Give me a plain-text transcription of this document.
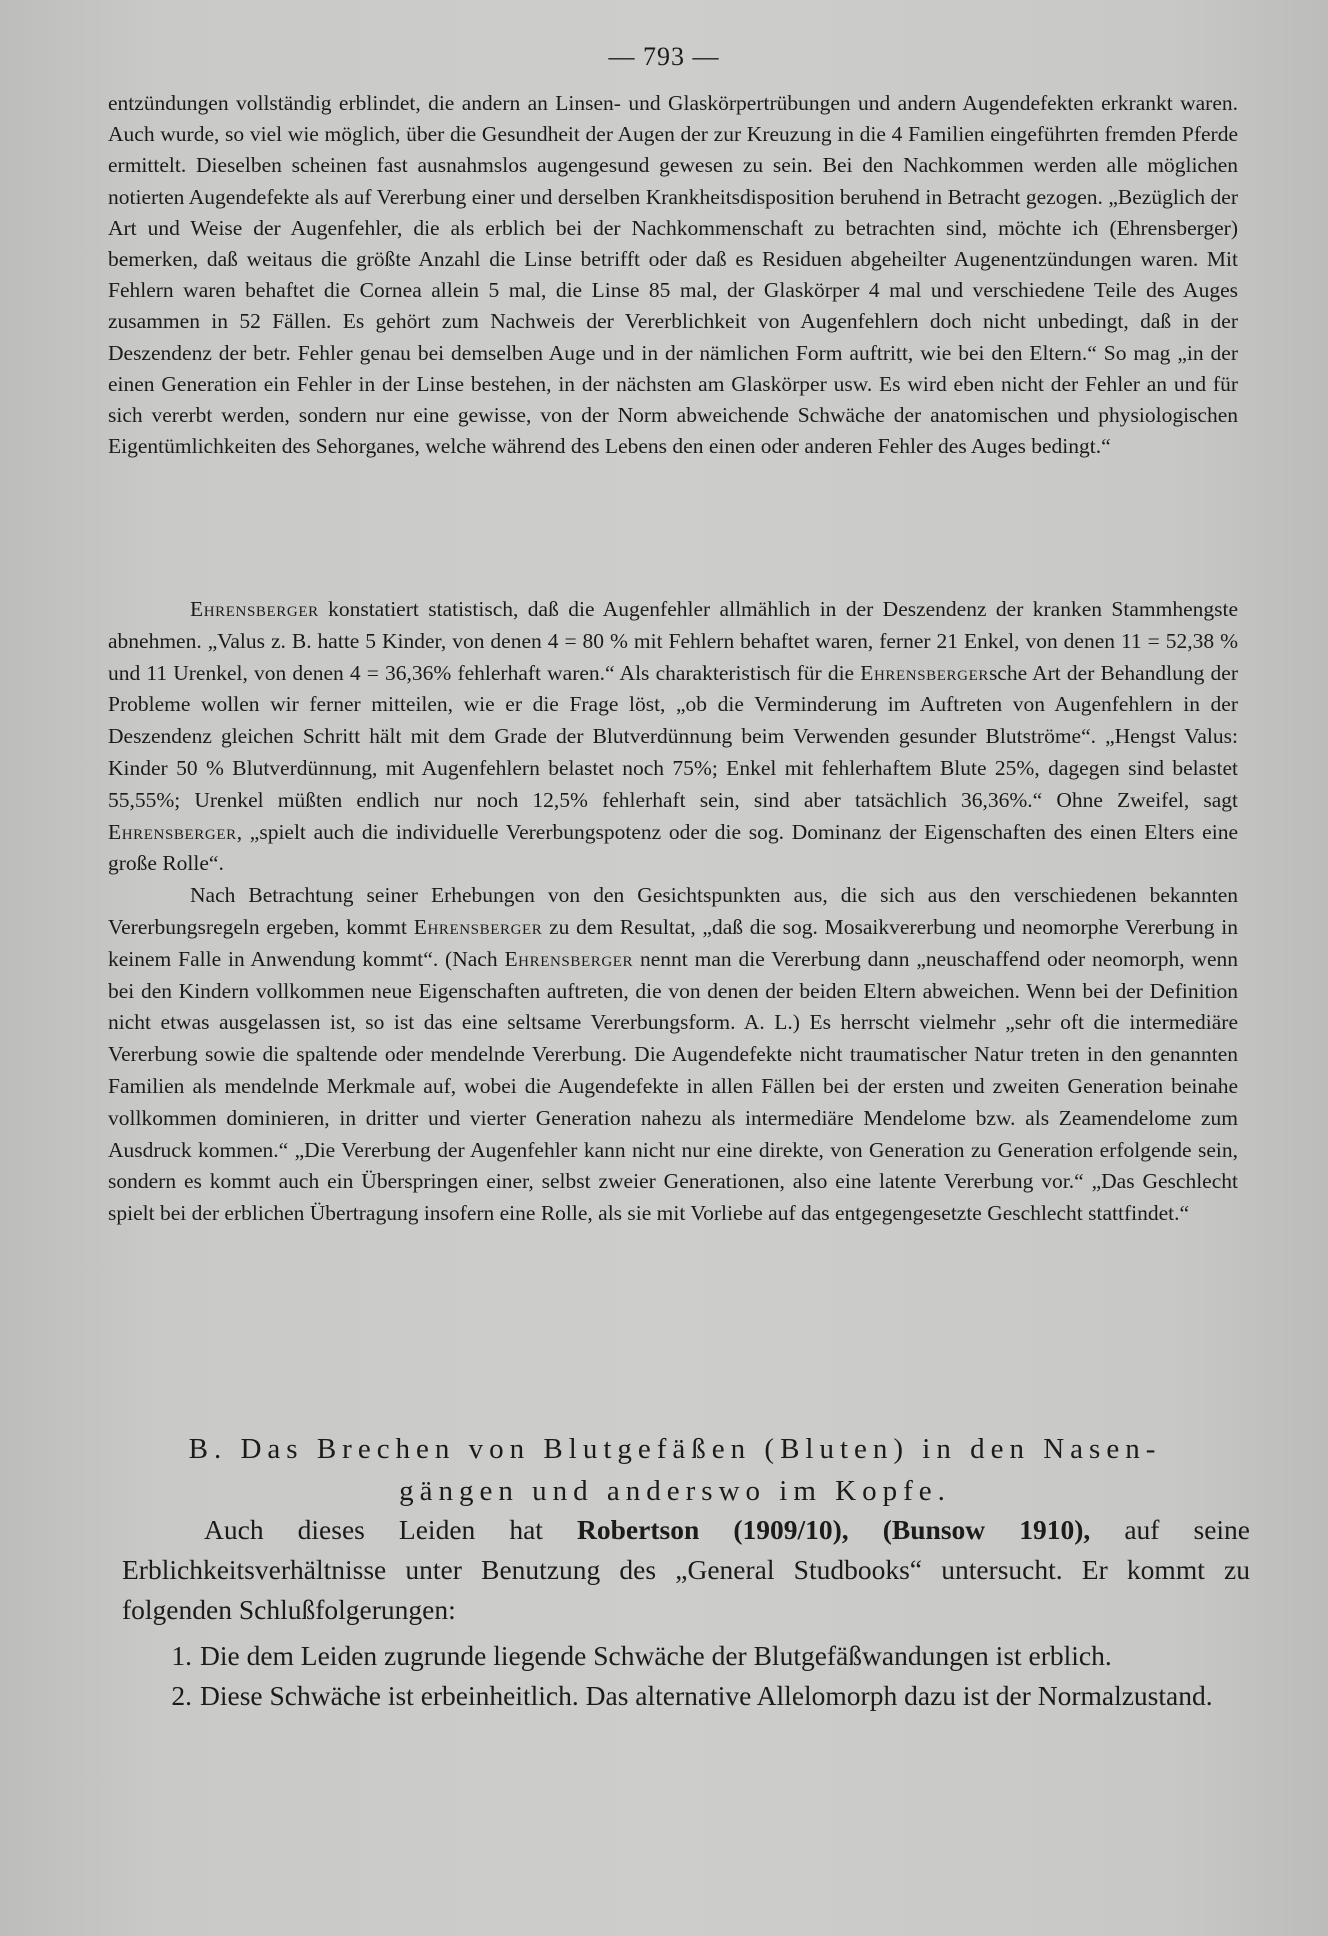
— 793 —

entzündungen vollständig erblindet, die andern an Linsen- und Glaskörpertrübungen und andern Augendefekten erkrankt waren. Auch wurde, so viel wie möglich, über die Gesundheit der Augen der zur Kreuzung in die 4 Familien eingeführten fremden Pferde ermittelt. Dieselben scheinen fast ausnahmslos augengesund gewesen zu sein. Bei den Nachkommen werden alle möglichen notierten Augendefekte als auf Vererbung einer und derselben Krankheitsdisposition beruhend in Betracht gezogen. „Bezüglich der Art und Weise der Augenfehler, die als erblich bei der Nachkommenschaft zu betrachten sind, möchte ich (Ehrensberger) bemerken, daß weitaus die größte Anzahl die Linse betrifft oder daß es Residuen abgeheilter Augenentzündungen waren. Mit Fehlern waren behaftet die Cornea allein 5 mal, die Linse 85 mal, der Glaskörper 4 mal und verschiedene Teile des Auges zusammen in 52 Fällen. Es gehört zum Nachweis der Vererblichkeit von Augenfehlern doch nicht unbedingt, daß in der Deszendenz der betr. Fehler genau bei demselben Auge und in der nämlichen Form auftritt, wie bei den Eltern.“ So mag „in der einen Generation ein Fehler in der Linse bestehen, in der nächsten am Glaskörper usw. Es wird eben nicht der Fehler an und für sich vererbt werden, sondern nur eine gewisse, von der Norm abweichende Schwäche der anatomischen und physiologischen Eigentümlichkeiten des Sehorganes, welche während des Lebens den einen oder anderen Fehler des Auges bedingt.“

Ehrensberger konstatiert statistisch, daß die Augenfehler allmählich in der Deszendenz der kranken Stammhengste abnehmen. „Valus z. B. hatte 5 Kinder, von denen 4 = 80 % mit Fehlern behaftet waren, ferner 21 Enkel, von denen 11 = 52,38 % und 11 Urenkel, von denen 4 = 36,36% fehlerhaft waren.“ Als charakteristisch für die Ehrensbergersche Art der Behandlung der Probleme wollen wir ferner mitteilen, wie er die Frage löst, „ob die Verminderung im Auftreten von Augenfehlern in der Deszendenz gleichen Schritt hält mit dem Grade der Blutverdünnung beim Verwenden gesunder Blutströme“. „Hengst Valus: Kinder 50 % Blutverdünnung, mit Augenfehlern belastet noch 75%; Enkel mit fehlerhaftem Blute 25%, dagegen sind belastet 55,55%; Urenkel müßten endlich nur noch 12,5% fehlerhaft sein, sind aber tatsächlich 36,36%.“ Ohne Zweifel, sagt Ehrensberger, „spielt auch die individuelle Vererbungspotenz oder die sog. Dominanz der Eigenschaften des einen Elters eine große Rolle“.

Nach Betrachtung seiner Erhebungen von den Gesichtspunkten aus, die sich aus den verschiedenen bekannten Vererbungsregeln ergeben, kommt Ehrensberger zu dem Resultat, „daß die sog. Mosaikvererbung und neomorphe Vererbung in keinem Falle in Anwendung kommt“. (Nach Ehrensberger nennt man die Vererbung dann „neuschaffend oder neomorph, wenn bei den Kindern vollkommen neue Eigenschaften auftreten, die von denen der beiden Eltern abweichen. Wenn bei der Definition nicht etwas ausgelassen ist, so ist das eine seltsame Vererbungsform. A. L.) Es herrscht vielmehr „sehr oft die intermediäre Vererbung sowie die spaltende oder mendelnde Vererbung. Die Augendefekte nicht traumatischer Natur treten in den genannten Familien als mendelnde Merkmale auf, wobei die Augendefekte in allen Fällen bei der ersten und zweiten Generation beinahe vollkommen dominieren, in dritter und vierter Generation nahezu als intermediäre Mendelome bzw. als Zeamendelome zum Ausdruck kommen.“ „Die Vererbung der Augenfehler kann nicht nur eine direkte, von Generation zu Generation erfolgende sein, sondern es kommt auch ein Überspringen einer, selbst zweier Generationen, also eine latente Vererbung vor.“ „Das Geschlecht spielt bei der erblichen Übertragung insofern eine Rolle, als sie mit Vorliebe auf das entgegengesetzte Geschlecht stattfindet.“

B. Das Brechen von Blutgefäßen (Bluten) in den Nasen-
gängen und anderswo im Kopfe.

Auch dieses Leiden hat Robertson (1909/10), (Bunsow 1910), auf seine Erblichkeitsverhältnisse unter Benutzung des „General Studbooks“ untersucht. Er kommt zu folgenden Schlußfolgerungen:

1. Die dem Leiden zugrunde liegende Schwäche der Blutgefäßwandungen ist erblich.
2. Diese Schwäche ist erbeinheitlich. Das alternative Allelomorph dazu ist der Normalzustand.
